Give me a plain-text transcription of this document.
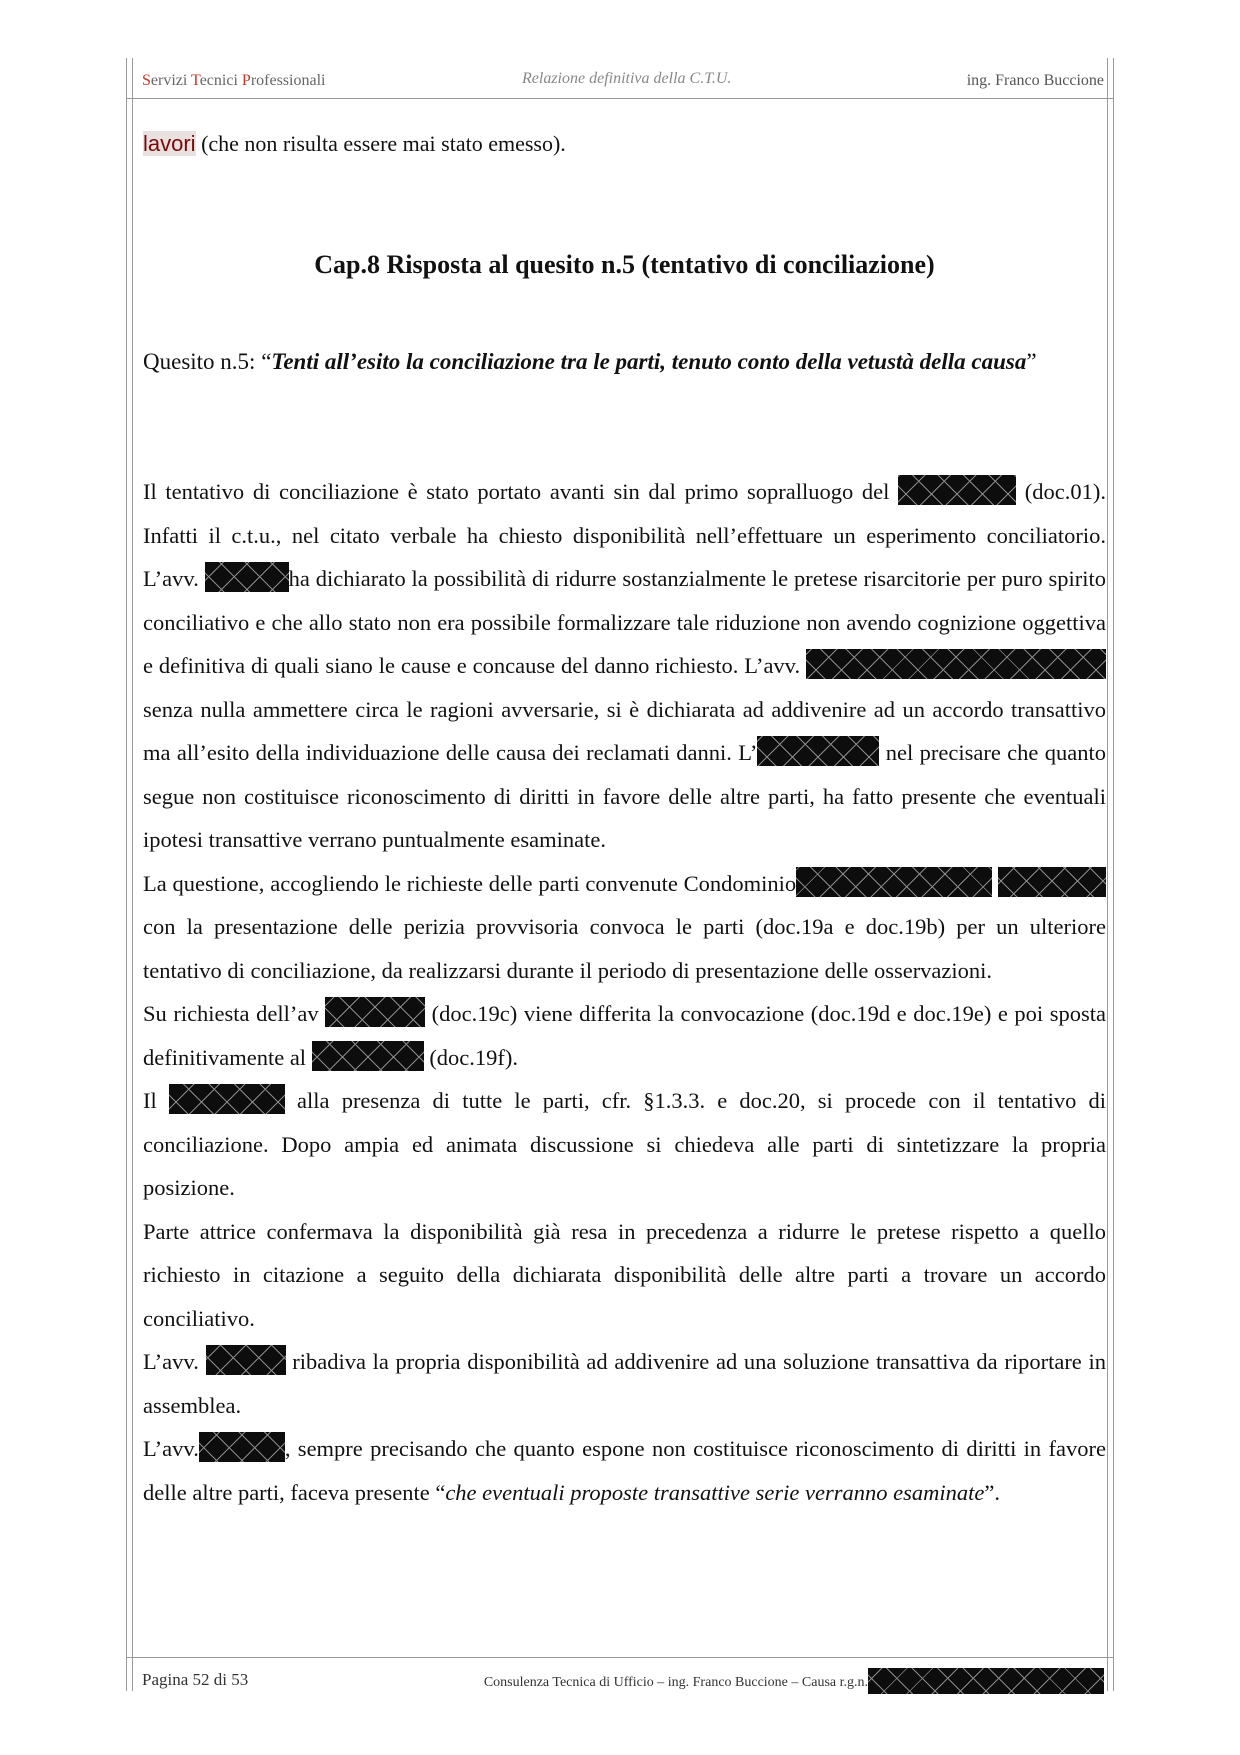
Servizi Tecnici Professionali	Relazione definitiva della C.T.U.	ing. Franco Buccione

lavori (che non risulta essere mai stato emesso).

Cap.8 Risposta al quesito n.5 (tentativo di conciliazione)
Quesito n.5: “Tenti all’esito la conciliazione tra le parti, tenuto conto della vetustà della causa”

Il tentativo di conciliazione è stato portato avanti sin dal primo sopralluogo del	(doc.01). Infatti il c.t.u., nel citato verbale ha chiesto disponibilità nell’effettuare un esperimento conciliatorio. L’avv.	ha dichiarato la possibilità di ridurre sostanzialmente le pretese risarcitorie per puro spirito conciliativo e che allo stato non era possibile formalizzare tale riduzione non avendo cognizione oggettiva e definitiva di quali siano le cause e concause del danno richiesto. L’avv.  senza nulla ammettere circa le ragioni avversarie, si è dichiarata ad addivenire ad un accordo transattivo ma all’esito della individuazione delle causa dei reclamati danni. L’	nel precisare che quanto segue non costituisce riconoscimento di diritti in favore delle altre parti, ha fatto presente che eventuali ipotesi transattive verrano puntualmente esaminate.

La questione, accogliendo le richieste delle parti convenute Condominio  con la presentazione delle perizia provvisoria convoca le parti (doc.19a e doc.19b) per un ulteriore tentativo di conciliazione, da realizzarsi durante il periodo di presentazione delle osservazioni.

Su richiesta dell’av	(doc.19c) viene differita la convocazione (doc.19d e doc.19e) e poi sposta definitivamente al	(doc.19f).

Il	alla presenza di tutte le parti, cfr. §1.3.3. e doc.20, si procede con il tentativo di conciliazione. Dopo ampia ed animata discussione si chiedeva alle parti di sintetizzare la propria posizione.

Parte attrice confermava la disponibilità già resa in precedenza a ridurre le pretese rispetto a quello richiesto in citazione a seguito della dichiarata disponibilità delle altre parti a trovare un accordo conciliativo.

L’avv.	ribadiva la propria disponibilità ad addivenire ad una soluzione transattiva da riportare in assemblea.

L’avv.	, sempre precisando che quanto espone non costituisce riconoscimento di diritti in favore delle altre parti, faceva presente “che eventuali proposte transattive serie verranno esaminate”.

Pagina 52 di 53	Consulenza Tecnica di Ufficio – ing. Franco Buccione – Causa r.g.n.
